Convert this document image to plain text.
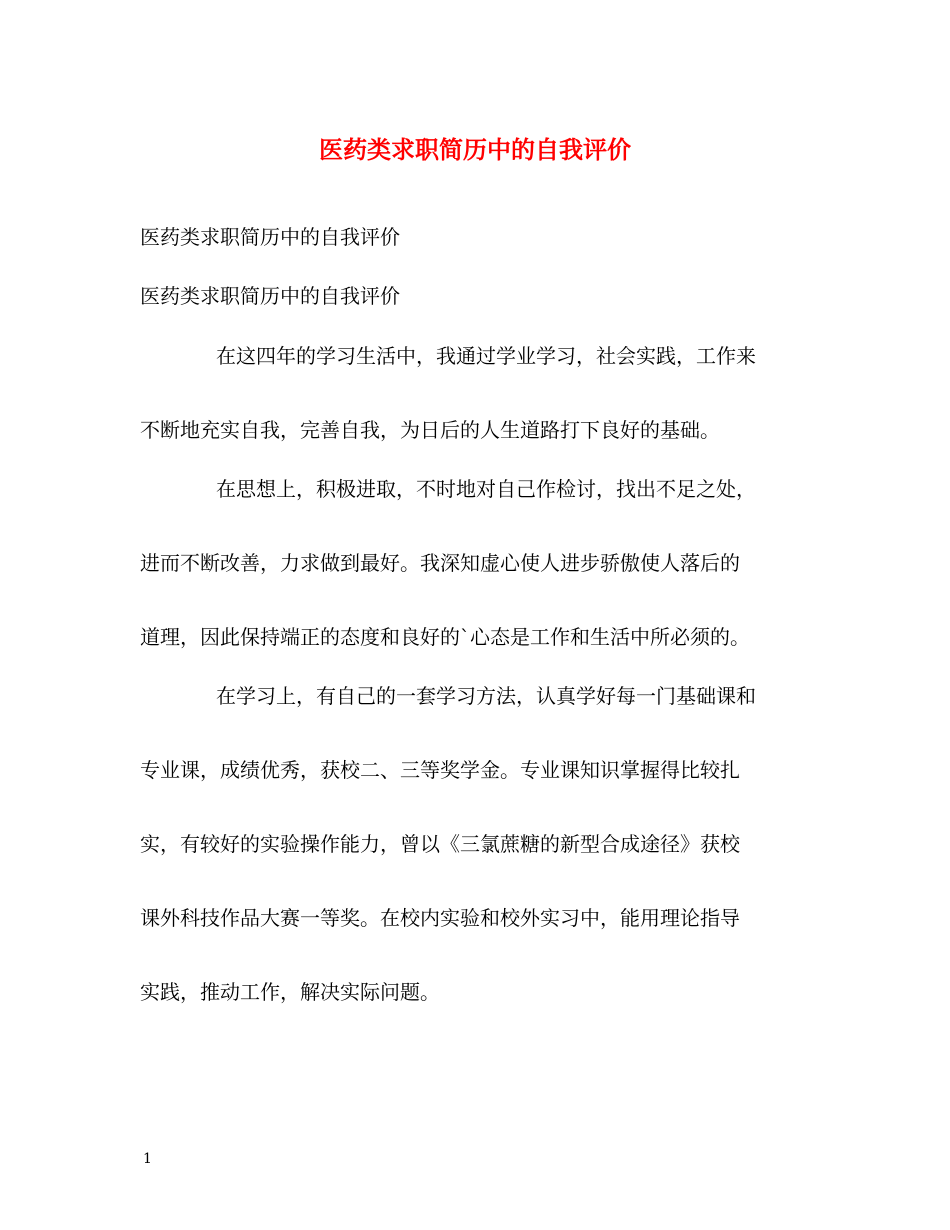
医药类求职简历中的自我评价

医药类求职简历中的自我评价

医药类求职简历中的自我评价

在这四年的学习生活中，我通过学业学习，社会实践，工作来

不断地充实自我，完善自我，为日后的人生道路打下良好的基础。

在思想上，积极进取，不时地对自己作检讨，找出不足之处，

进而不断改善，力求做到最好。我深知虚心使人进步骄傲使人落后的

道理，因此保持端正的态度和良好的`心态是工作和生活中所必须的。

在学习上，有自己的一套学习方法，认真学好每一门基础课和

专业课，成绩优秀，获校二、三等奖学金。专业课知识掌握得比较扎

实，有较好的实验操作能力，曾以《三氯蔗糖的新型合成途径》获校

课外科技作品大赛一等奖。在校内实验和校外实习中，能用理论指导

实践，推动工作，解决实际问题。

1
